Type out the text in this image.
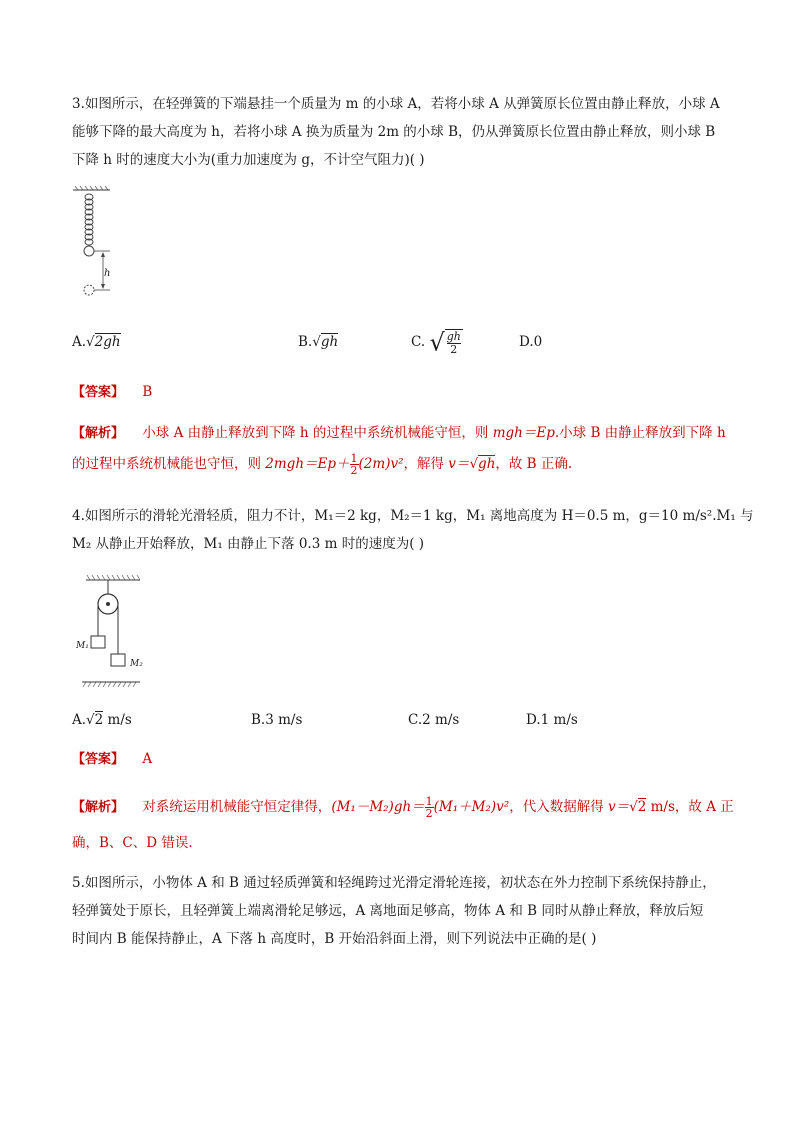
3.如图所示，在轻弹簧的下端悬挂一个质量为 m 的小球 A，若将小球 A 从弹簧原长位置由静止释放，小球 A
能够下降的最大高度为 h，若将小球 A 换为质量为 2m 的小球 B，仍从弹簧原长位置由静止释放，则小球 B
下降 h 时的速度大小为(重力加速度为 g，不计空气阻力)( )
h
A.√2gh	B.√gh	C. √ $\frac{gh}{2}$	D.0
【答案】 B
【解析】 小球 A 由静止释放到下降 h 的过程中系统机械能守恒，则 mgh＝Ep.小球 B 由静止释放到下降 h
的过程中系统机械能也守恒，则 $2mgh=Ep+ \frac{1}{2} (2m)v^2$，解得 v＝√gh，故 B 正确.
4.如图所示的滑轮光滑轻质，阻力不计，M₁＝2 kg，M₂＝1 kg，M₁ 离地高度为 H＝0.5 m，g＝10 m/s².M₁ 与
M₂ 从静止开始释放，M₁ 由静止下落 0.3 m 时的速度为( )
M₁
M₂
A.√2 m/s	B.3 m/s	C.2 m/s	D.1 m/s
【答案】 A
【解析】 对系统运用机械能守恒定律得，$(M_1-M_2)gh= \frac{1}{2} (M_1+M_2)v^2$，代入数据解得 v＝√2 m/s，故 A 正
确，B、C、D 错误.
5.如图所示，小物体 A 和 B 通过轻质弹簧和轻绳跨过光滑定滑轮连接，初状态在外力控制下系统保持静止，
轻弹簧处于原长，且轻弹簧上端离滑轮足够远，A 离地面足够高，物体 A 和 B 同时从静止释放，释放后短
时间内 B 能保持静止，A 下落 h 高度时，B 开始沿斜面上滑，则下列说法中正确的是( )
